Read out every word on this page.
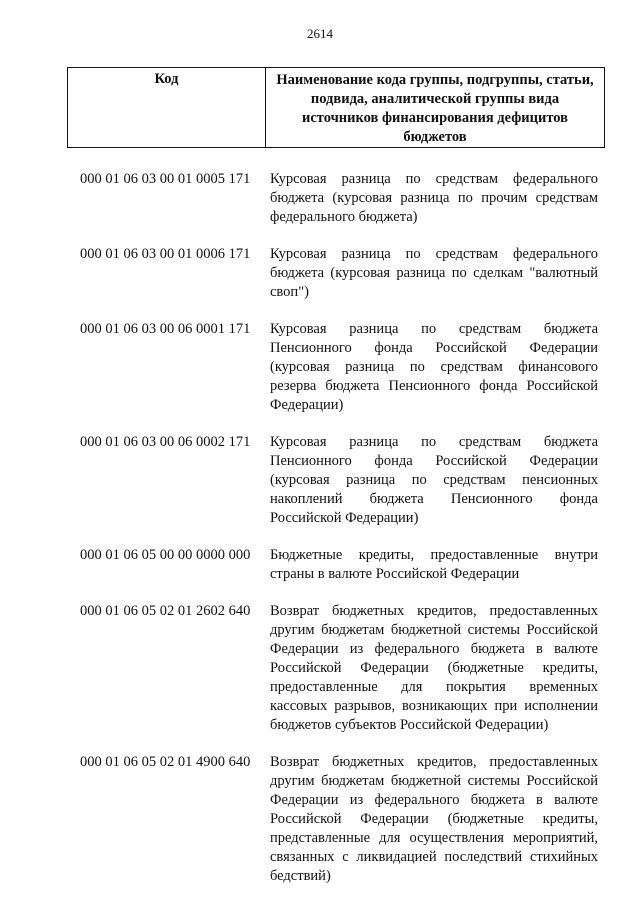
2614
Код	Наименование кода группы, подгруппы, статьи, подвида, аналитической группы вида источников финансирования дефицитов бюджетов
000 01 06 03 00 01 0005 171	Курсовая разница по средствам федерального бюджета (курсовая разница по прочим средствам федерального бюджета)
000 01 06 03 00 01 0006 171	Курсовая разница по средствам федерального бюджета (курсовая разница по сделкам "валютный своп")
000 01 06 03 00 06 0001 171	Курсовая разница по средствам бюджета Пенсионного фонда Российской Федерации (курсовая разница по средствам финансового резерва бюджета Пенсионного фонда Российской Федерации)
000 01 06 03 00 06 0002 171	Курсовая разница по средствам бюджета Пенсионного фонда Российской Федерации (курсовая разница по средствам пенсионных накоплений бюджета Пенсионного фонда Российской Федерации)
000 01 06 05 00 00 0000 000	Бюджетные кредиты, предоставленные внутри страны в валюте Российской Федерации
000 01 06 05 02 01 2602 640	Возврат бюджетных кредитов, предоставленных другим бюджетам бюджетной системы Российской Федерации из федерального бюджета в валюте Российской Федерации (бюджетные кредиты, предоставленные для покрытия временных кассовых разрывов, возникающих при исполнении бюджетов субъектов Российской Федерации)
000 01 06 05 02 01 4900 640	Возврат бюджетных кредитов, предоставленных другим бюджетам бюджетной системы Российской Федерации из федерального бюджета в валюте Российской Федерации (бюджетные кредиты, представленные для осуществления мероприятий, связанных с ликвидацией последствий стихийных бедствий)
